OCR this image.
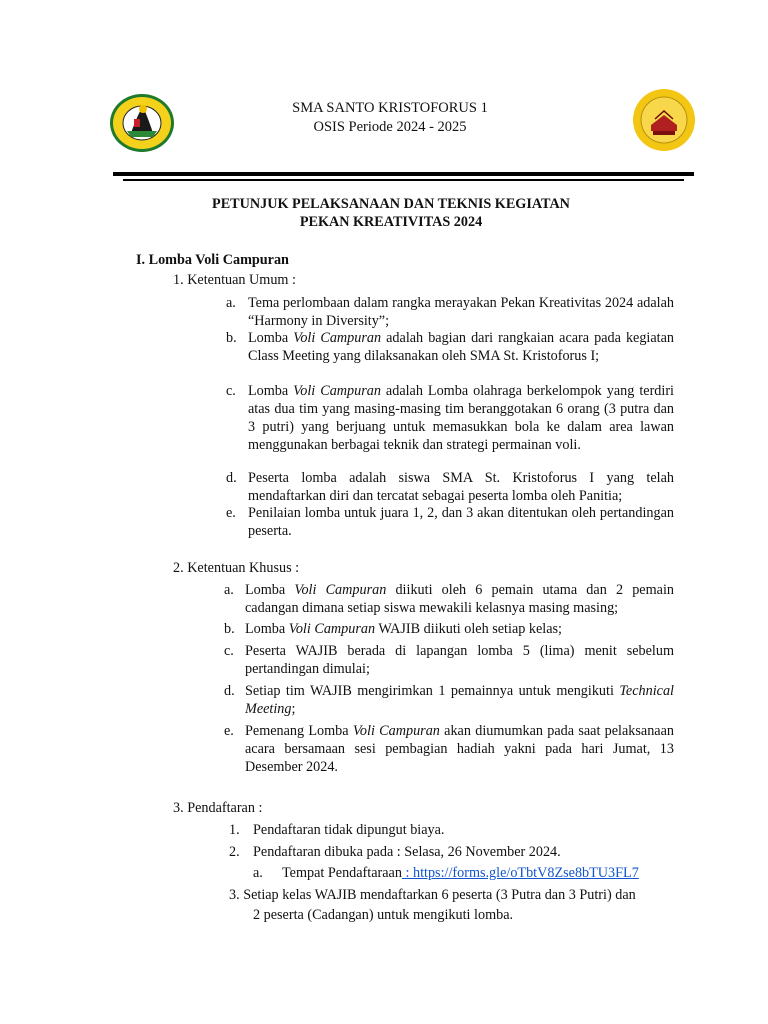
SMA SANTO KRISTOFORUS 1
OSIS Periode 2024 - 2025
PETUNJUK PELAKSANAAN DAN TEKNIS KEGIATAN
PEKAN KREATIVITAS 2024
I. Lomba Voli Campuran
1. Ketentuan Umum :
a. Tema perlombaan dalam rangka merayakan Pekan Kreativitas 2024 adalah “Harmony in Diversity”;
b. Lomba Voli Campuran adalah bagian dari rangkaian acara pada kegiatan Class Meeting yang dilaksanakan oleh SMA St. Kristoforus I;
c. Lomba Voli Campuran adalah Lomba olahraga berkelompok yang terdiri atas dua tim yang masing-masing tim beranggotakan 6 orang (3 putra dan 3 putri) yang berjuang untuk memasukkan bola ke dalam area lawan menggunakan berbagai teknik dan strategi permainan voli.
d. Peserta lomba adalah siswa SMA St. Kristoforus I yang telah mendaftarkan diri dan tercatat sebagai peserta lomba oleh Panitia;
e. Penilaian lomba untuk juara 1, 2, dan 3 akan ditentukan oleh pertandingan peserta.
2. Ketentuan Khusus :
a. Lomba Voli Campuran diikuti oleh 6 pemain utama dan 2 pemain cadangan dimana setiap siswa mewakili kelasnya masing masing;
b. Lomba Voli Campuran WAJIB diikuti oleh setiap kelas;
c. Peserta WAJIB berada di lapangan lomba 5 (lima) menit sebelum pertandingan dimulai;
d. Setiap tim WAJIB mengirimkan 1 pemainnya untuk mengikuti Technical Meeting;
e. Pemenang Lomba Voli Campuran akan diumumkan pada saat pelaksanaan acara bersamaan sesi pembagian hadiah yakni pada hari Jumat, 13 Desember 2024.
3. Pendaftaran :
1. Pendaftaran tidak dipungut biaya.
2. Pendaftaran dibuka pada : Selasa, 26 November 2024.
a. Tempat Pendaftaraan : https://forms.gle/oTbtV8Zse8bTU3FL7
3. Setiap kelas WAJIB mendaftarkan 6 peserta (3 Putra dan 3 Putri) dan
2 peserta (Cadangan) untuk mengikuti lomba.
